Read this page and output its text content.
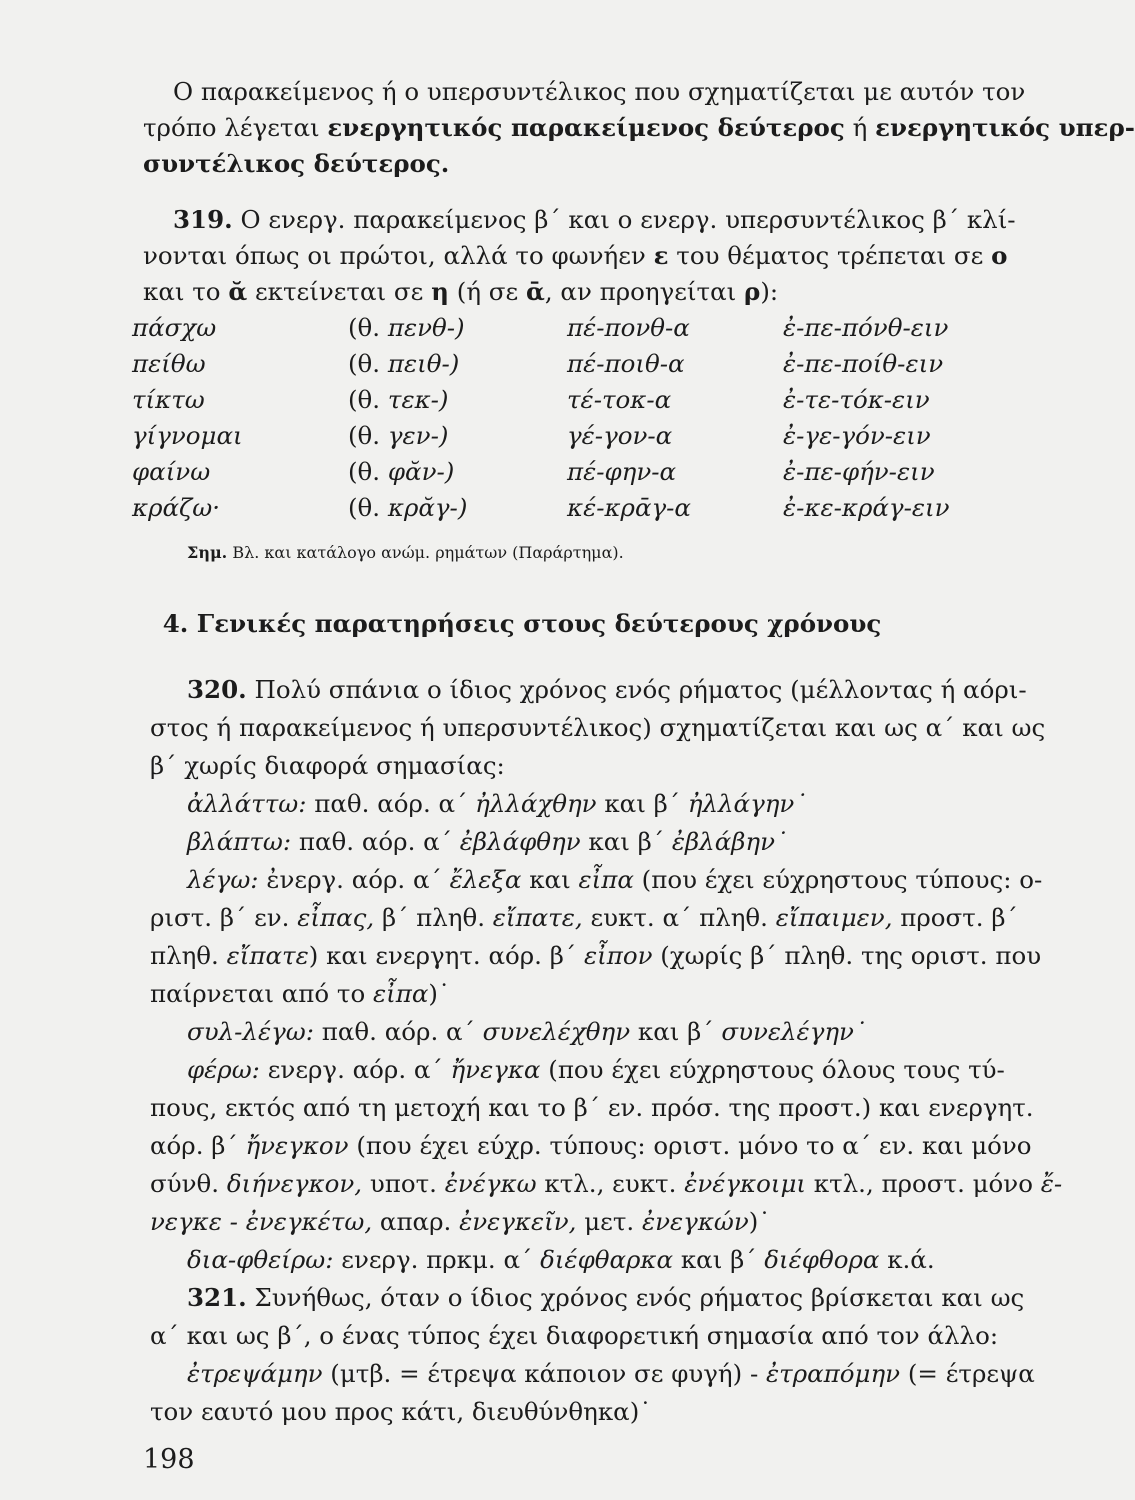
Ο παρακείμενος ή ο υπερσυντέλικος που σχηματίζεται με αυτόν τον
τρόπο λέγεται ενεργητικός παρακείμενος δεύτερος ή ενεργητικός υπερ-
συντέλικος δεύτερος.
319. Ο ενεργ. παρακείμενος β΄ και ο ενεργ. υπερσυντέλικος β΄ κλί-
νονται όπως οι πρώτοι, αλλά το φωνήεν ε του θέματος τρέπεται σε ο
και το ᾰ εκτείνεται σε η (ή σε ᾱ, αν προηγείται ρ):
πάσχω	(θ. πενθ-)	πέ-πονθ-α	ἐ-πε-πόνθ-ειν
πείθω	(θ. πειθ-)	πέ-ποιθ-α	ἐ-πε-ποίθ-ειν
τίκτω	(θ. τεκ-)	τέ-τοκ-α	ἐ-τε-τόκ-ειν
γίγνομαι	(θ. γεν-)	γέ-γον-α	ἐ-γε-γόν-ειν
φαίνω	(θ. φᾰν-)	πέ-φην-α	ἐ-πε-φήν-ειν
κράζω·	(θ. κρᾰγ-)	κέ-κρᾱγ-α	ἐ-κε-κράγ-ειν
Σημ. Βλ. και κατάλογο ανώμ. ρημάτων (Παράρτημα).
4. Γενικές παρατηρήσεις στους δεύτερους χρόνους
320. Πολύ σπάνια ο ίδιος χρόνος ενός ρήματος (μέλλοντας ή αόρι-
στος ή παρακείμενος ή υπερσυντέλικος) σχηματίζεται και ως α΄ και ως
β΄ χωρίς διαφορά σημασίας:
ἀλλάττω: παθ. αόρ. α΄ ἠλλάχθην και β΄ ἠλλάγην˙
βλάπτω: παθ. αόρ. α΄ ἐβλάφθην και β΄ ἐβλάβην˙
λέγω: ἐνεργ. αόρ. α΄ ἔλεξα και εἶπα (που έχει εύχρηστους τύπους: ο-
ριστ. β΄ εν. εἶπας, β΄ πληθ. εἴπατε, ευκτ. α΄ πληθ. εἴπαιμεν, προστ. β΄
πληθ. εἴπατε) και ενεργητ. αόρ. β΄ εἶπον (χωρίς β΄ πληθ. της οριστ. που
παίρνεται από το εἶπα)˙
συλ-λέγω: παθ. αόρ. α΄ συνελέχθην και β΄ συνελέγην˙
φέρω: ενεργ. αόρ. α΄ ἤνεγκα (που έχει εύχρηστους όλους τους τύ-
πους, εκτός από τη μετοχή και το β΄ εν. πρόσ. της προστ.) και ενεργητ.
αόρ. β΄ ἤνεγκον (που έχει εύχρ. τύπους: οριστ. μόνο το α΄ εν. και μόνο
σύνθ. διήνεγκον, υποτ. ἐνέγκω κτλ., ευκτ. ἐνέγκοιμι κτλ., προστ. μόνο ἔ-
νεγκε - ἐνεγκέτω, απαρ. ἐνεγκεῖν, μετ. ἐνεγκών)˙
δια-φθείρω: ενεργ. πρκμ. α΄ διέφθαρκα και β΄ διέφθορα κ.ά.
321. Συνήθως, όταν ο ίδιος χρόνος ενός ρήματος βρίσκεται και ως
α΄ και ως β΄, ο ένας τύπος έχει διαφορετική σημασία από τον άλλο:
ἐτρεψάμην (μτβ. = έτρεψα κάποιον σε φυγή) - ἐτραπόμην (= έτρεψα
τον εαυτό μου προς κάτι, διευθύνθηκα)˙
198
